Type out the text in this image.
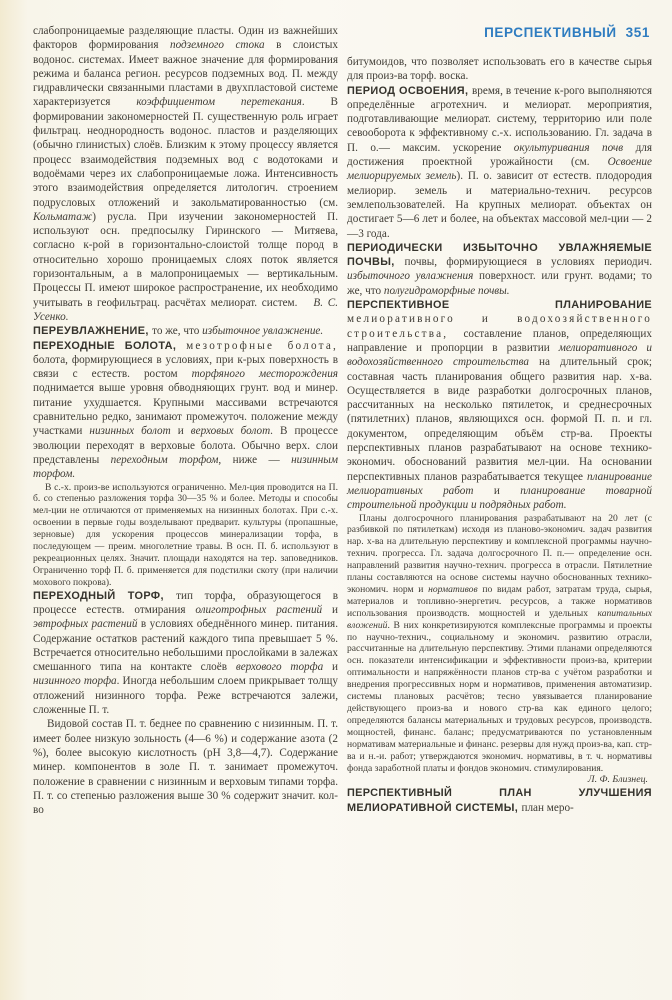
слабопроницаемые разделяющие пласты. Один из важнейших факторов формирования подземного стока в слоистых водонос. системах. Имеет важное значение для формирования режима и баланса регион. ресурсов подземных вод. П. между гидравлически связанными пластами в двухпластовой системе характеризуется коэффициентом перетекания. В формировании закономерностей П. существенную роль играет фильтрац. неоднородность водонос. пластов и разделяющих (обычно глинистых) слоёв. Близким к этому процессу является процесс взаимодействия подземных вод с водотоками и водоёмами через их слабопроницаемые ложа. Интенсивность этого взаимодействия определяется литологич. строением подрусловых отложений и закольматированностью (см. Кольматаж) русла. При изучении закономерностей П. используют осн. предпосылку Гиринского — Митяева, согласно к-рой в горизонтально-слоистой толще пород в относительно хорошо проницаемых слоях поток является горизонтальным, а в малопроницаемых — вертикальным. Процессы П. имеют широкое распространение, их необходимо учитывать в геофильтрац. расчётах мелиорат. систем. В. С. Усенко.

ПЕРЕУВЛАЖНЕНИЕ, то же, что избыточное увлажнение.

ПЕРЕХОДНЫЕ БОЛОТА, мезотрофные болота, болота, формирующиеся в условиях, при к-рых поверхность в связи с естеств. ростом торфяного месторождения поднимается выше уровня обводняющих грунт. вод и минер. питание ухудшается. Крупными массивами встречаются сравнительно редко, занимают промежуточ. положение между участками низинных болот и верховых болот. В процессе эволюции переходят в верховые болота. Обычно верх. слои представлены переходным торфом, ниже — низинным торфом.

В с.-х. произ-ве используются ограниченно. Мел-ция проводится на П. б. со степенью разложения торфа 30—35 % и более. Методы и способы мел-ции не отличаются от применяемых на низинных болотах. При с.-х. освоении в первые годы возделывают предварит. культуры (пропашные, зерновые) для ускорения процессов минерализации торфа, в последующем — преим. многолетние травы. В осн. П. б. используют в рекреационных целях. Значит. площади находятся на тер. заповедников. Ограниченно торф П. б. применяется для подстилки скоту (при наличии мохового покрова).

ПЕРЕХОДНЫЙ ТОРФ, тип торфа, образующегося в процессе естеств. отмирания олиготрофных растений и эвтрофных растений в условиях обеднённого минер. питания. Содержание остатков растений каждого типа превышает 5 %. Встречается относительно небольшими прослойками в залежах смешанного типа на контакте слоёв верхового торфа и низинного торфа. Иногда небольшим слоем прикрывает толщу отложений низинного торфа. Реже встречаются залежи, сложенные П. т.

Видовой состав П. т. беднее по сравнению с низинным. П. т. имеет более низкую зольность (4—6 %) и содержание азота (2 %), более высокую кислотность (pH 3,8—4,7). Содержание минер. компонентов в золе П. т. занимает промежуточ. положение в сравнении с низинным и верховым типами торфа. П. т. со степенью разложения выше 30 % содержит значит. кол-во

ПЕРСПЕКТИВНЫЙ 351

битумоидов, что позволяет использовать его в качестве сырья для произ-ва торф. воска.

ПЕРИОД ОСВОЕНИЯ, время, в течение к-рого выполняются определённые агротехнич. и мелиорат. мероприятия, подготавливающие мелиорат. систему, территорию или поле севооборота к эффективному с.-х. использованию. Гл. задача в П. о.— максим. ускорение окультуривания почв для достижения проектной урожайности (см. Освоение мелиорируемых земель). П. о. зависит от естеств. плодородия мелиорир. земель и материально-технич. ресурсов землепользователей. На крупных мелиорат. объектах он достигает 5—6 лет и более, на объектах массовой мел-ции — 2—3 года.

ПЕРИОДИЧЕСКИ ИЗБЫТОЧНО УВЛАЖНЯЕМЫЕ ПОЧВЫ, почвы, формирующиеся в условиях периодич. избыточного увлажнения поверхност. или грунт. водами; то же, что полугидроморфные почвы.

ПЕРСПЕКТИВНОЕ ПЛАНИРОВАНИЕ мелиоративного и водохозяйственного строительства, составление планов, определяющих направление и пропорции в развитии мелиоративного и водохозяйственного строительства на длительный срок; составная часть планирования общего развития нар. х-ва. Осуществляется в виде разработки долгосрочных планов, рассчитанных на несколько пятилеток, и среднесрочных (пятилетних) планов, являющихся осн. формой П. п. и гл. документом, определяющим объём стр-ва. Проекты перспективных планов разрабатывают на основе технико-экономич. обоснований развития мел-ции. На основании перспективных планов разрабатывается текущее планирование мелиоративных работ и планирование товарной строительной продукции и подрядных работ.

Планы долгосрочного планирования разрабатывают на 20 лет (с разбивкой по пятилеткам) исходя из планово-экономич. задач развития нар. х-ва на длительную перспективу и комплексной программы научно-технич. прогресса. Гл. задача долгосрочного П. п.— определение осн. направлений развития научно-технич. прогресса в отрасли. Пятилетние планы составляются на основе системы научно обоснованных технико-экономич. норм и нормативов по видам работ, затратам труда, сырья, материалов и топливно-энергетич. ресурсов, а также нормативов использования производств. мощностей и удельных капитальных вложений. В них конкретизируются комплексные программы и проекты по научно-технич., социальному и экономич. развитию отрасли, рассчитанные на длительную перспективу. Этими планами определяются осн. показатели интенсификации и эффективности произ-ва, критерии оптимальности и напряжённости планов стр-ва с учётом разработки и внедрения прогрессивных норм и нормативов, применения автоматизир. системы плановых расчётов; тесно увязывается планирование действующего произ-ва и нового стр-ва как единого целого; определяются балансы материальных и трудовых ресурсов, производств. мощностей, финанс. баланс; предусматриваются по установленным нормативам материальные и финанс. резервы для нужд произ-ва, кап. стр-ва и н.-и. работ; утверждаются экономич. нормативы, в т. ч. нормативы фонда заработной платы и фондов экономич. стимулирования.

Л. Ф. Близнец.

ПЕРСПЕКТИВНЫЙ ПЛАН УЛУЧШЕНИЯ МЕЛИОРАТИВНОЙ СИСТЕМЫ, план меро-
